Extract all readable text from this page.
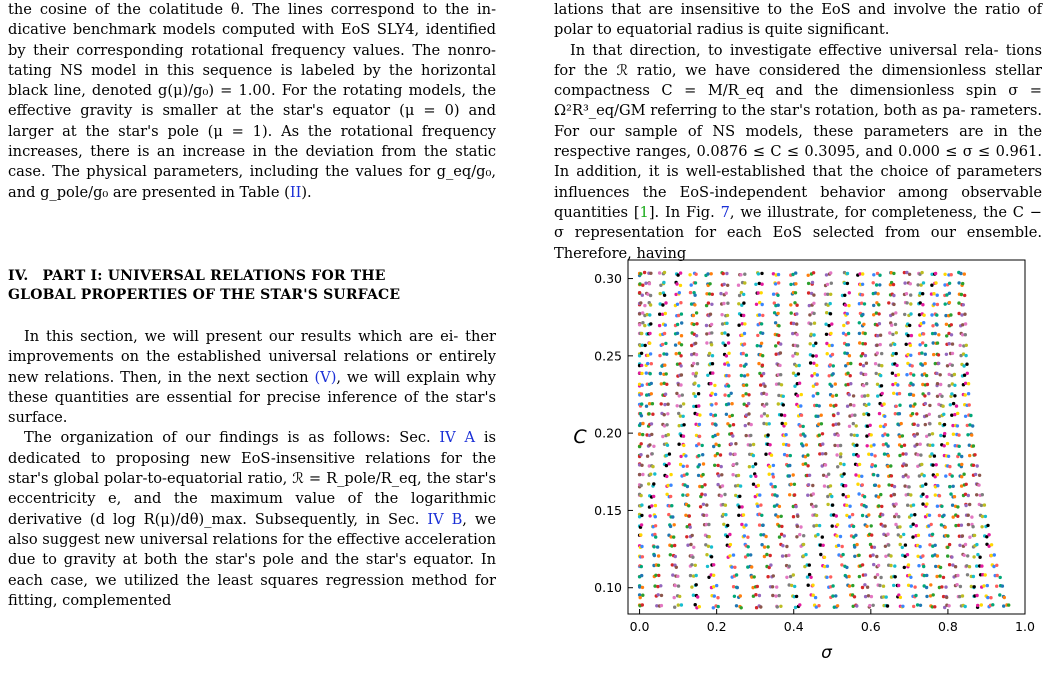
the cosine of the colatitude θ. The lines correspond to the in- dicative benchmark models computed with EoS SLY4, identified by their corresponding rotational frequency values. The nonro- tating NS model in this sequence is labeled by the horizontal black line, denoted g(μ)/g₀) = 1.00. For the rotating models, the effective gravity is smaller at the star's equator (μ = 0) and larger at the star's pole (μ = 1). As the rotational frequency increases, there is an increase in the deviation from the static case. The physical parameters, including the values for g_eq/g₀, and g_pole/g₀ are presented in Table (II).

IV. PART I: UNIVERSAL RELATIONS FOR THE
GLOBAL PROPERTIES OF THE STAR'S SURFACE

In this section, we will present our results which are ei- ther improvements on the established universal relations or entirely new relations. Then, in the next section (V), we will explain why these quantities are essential for precise inference of the star's surface.

The organization of our findings is as follows: Sec. IV A is dedicated to proposing new EoS-insensitive relations for the star's global polar-to-equatorial ratio, ℛ = R_pole/R_eq, the star's eccentricity e, and the maximum value of the logarithmic derivative (d log R(μ)/dθ)_max. Subsequently, in Sec. IV B, we also suggest new universal relations for the effective acceleration due to gravity at both the star's pole and the star's equator. In each case, we utilized the least squares regression method for fitting, complemented

lations that are insensitive to the EoS and involve the ratio of polar to equatorial radius is quite significant.

In that direction, to investigate effective universal rela- tions for the ℛ ratio, we have considered the dimensionless stellar compactness C = M/R_eq and the dimensionless spin σ = Ω²R³_eq/GM referring to the star's rotation, both as pa- rameters. For our sample of NS models, these parameters are in the respective ranges, 0.0876 ≤ C ≤ 0.3095, and 0.000 ≤ σ ≤ 0.961. In addition, it is well-established that the choice of parameters influences the EoS-independent behavior among observable quantities [1]. In Fig. 7, we illustrate, for completeness, the C − σ representation for each EoS selected from our ensemble. Therefore, having

0.0	0.2	0.4	0.6	0.8	1.0
0.10
0.15
0.20
0.25
0.30
σ
C
